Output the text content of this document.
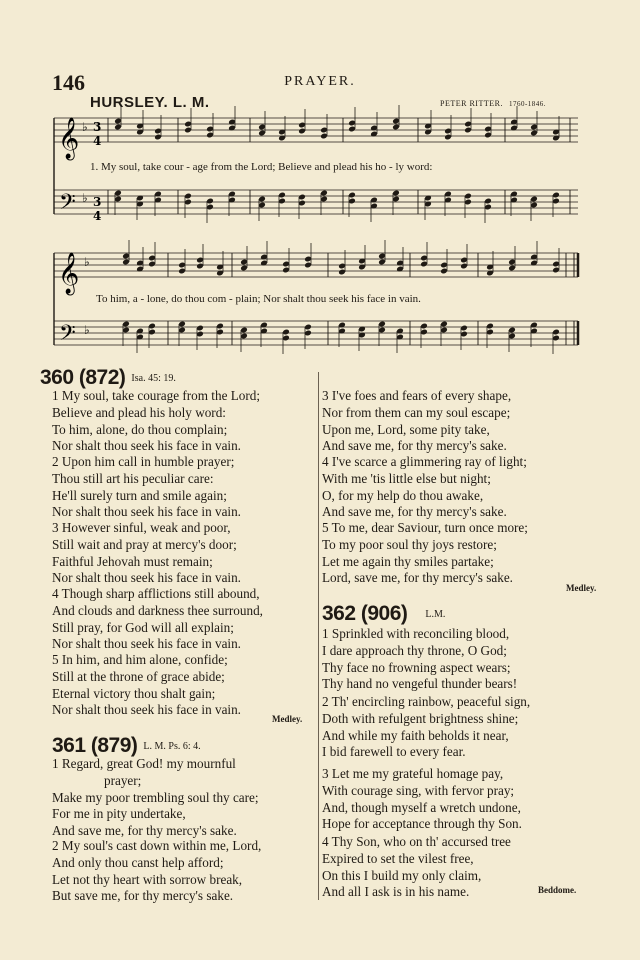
146	PRAYER.
HURSLEY. L. M.	PETER RITTER. 1760-1846.
𝄞 ♭ 3
4
𝄢 ♭ 3
4
𝄞 ♭
𝄢 ♭
1. My soul, take cour - age from the Lord; Believe and plead his ho - ly word:
To him, a - lone, do thou com - plain; Nor shalt thou seek his face in vain.
360 (872) Isa. 45: 19.
1 My soul, take courage from the Lord;
Believe and plead his holy word:
To him, alone, do thou complain;
Nor shalt thou seek his face in vain.
2 Upon him call in humble prayer;
Thou still art his peculiar care:
He'll surely turn and smile again;
Nor shalt thou seek his face in vain.
3 However sinful, weak and poor,
Still wait and pray at mercy's door;
Faithful Jehovah must remain;
Nor shalt thou seek his face in vain.
4 Though sharp afflictions still abound,
And clouds and darkness thee surround,
Still pray, for God will all explain;
Nor shalt thou seek his face in vain.
5 In him, and him alone, confide;
Still at the throne of grace abide;
Eternal victory thou shalt gain;
Nor shalt thou seek his face in vain.
Medley.
361 (879) L. M. Ps. 6: 4.
1 Regard, great God! my mournful
prayer;
Make my poor trembling soul thy care;
For me in pity undertake,
And save me, for thy mercy's sake.
2 My soul's cast down within me, Lord,
And only thou canst help afford;
Let not thy heart with sorrow break,
But save me, for thy mercy's sake.
3 I've foes and fears of every shape,
Nor from them can my soul escape;
Upon me, Lord, some pity take,
And save me, for thy mercy's sake.
4 I've scarce a glimmering ray of light;
With me 'tis little else but night;
O, for my help do thou awake,
And save me, for thy mercy's sake.
5 To me, dear Saviour, turn once more;
To my poor soul thy joys restore;
Let me again thy smiles partake;
Lord, save me, for thy mercy's sake.
Medley.
362 (906) L.M.
1 Sprinkled with reconciling blood,
I dare approach thy throne, O God;
Thy face no frowning aspect wears;
Thy hand no vengeful thunder bears!
2 Th' encircling rainbow, peaceful sign,
Doth with refulgent brightness shine;
And while my faith beholds it near,
I bid farewell to every fear.
3 Let me my grateful homage pay,
With courage sing, with fervor pray;
And, though myself a wretch undone,
Hope for acceptance through thy Son.
4 Thy Son, who on th' accursed tree
Expired to set the vilest free,
On this I build my only claim,
And all I ask is in his name.	Beddome.
